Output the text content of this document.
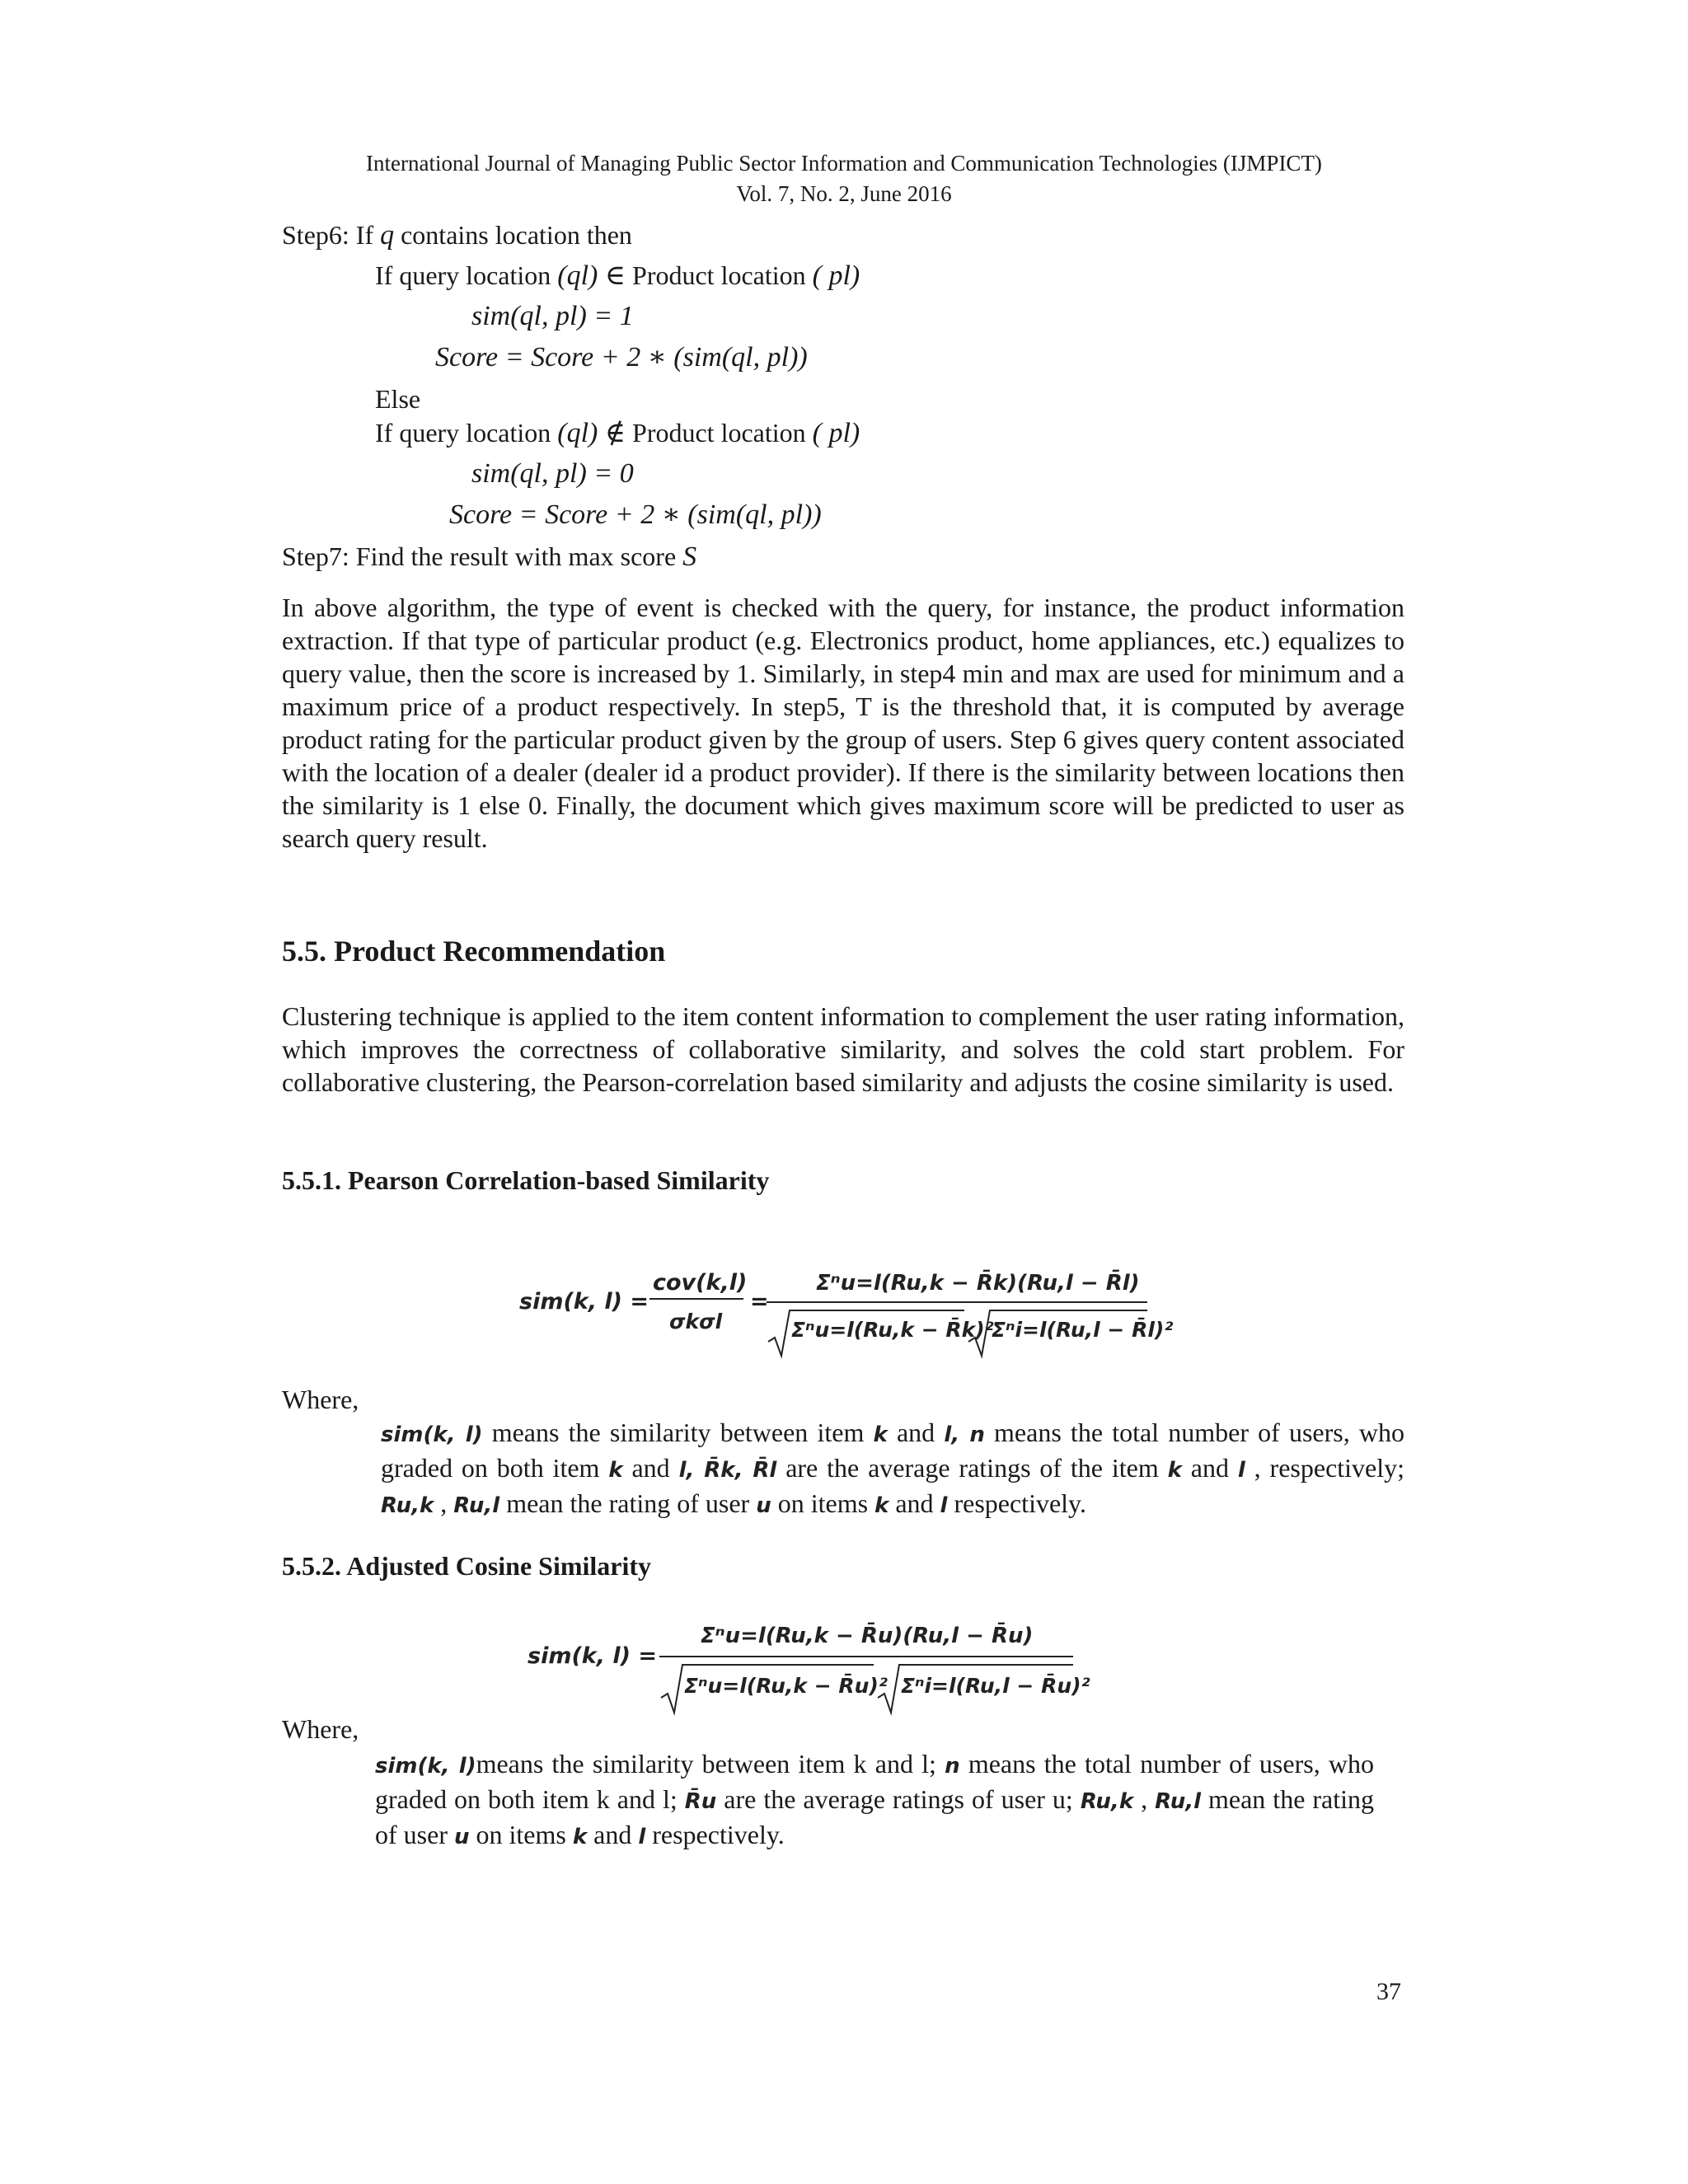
International Journal of Managing Public Sector Information and Communication Technologies (IJMPICT)
Vol. 7, No. 2, June 2016
Step6: If q contains location then
If query location (ql) ∈ Product location ( pl)
sim(ql, pl) = 1
Score = Score + 2 ∗ (sim(ql, pl))
Else
If query location (ql) ∉ Product location ( pl)
sim(ql, pl) = 0
Score = Score + 2 ∗ (sim(ql, pl))
Step7: Find the result with max score S

In above algorithm, the type of event is checked with the query, for instance, the product information extraction. If that type of particular product (e.g. Electronics product, home appliances, etc.) equalizes to query value, then the score is increased by 1. Similarly, in step4 min and max are used for minimum and a maximum price of a product respectively. In step5, T is the threshold that, it is computed by average product rating for the particular product given by the group of users. Step 6 gives query content associated with the location of a dealer (dealer id a product provider). If there is the similarity between locations then the similarity is 1 else 0. Finally, the document which gives maximum score will be predicted to user as search query result.

5.5. Product Recommendation

Clustering technique is applied to the item content information to complement the user rating information, which improves the correctness of collaborative similarity, and solves the cold start problem. For collaborative clustering, the Pearson-correlation based similarity and adjusts the cosine similarity is used.

5.5.1. Pearson Correlation-based Similarity
sim(k, l) =
cov(k,l)
σkσl
=
Σⁿu=l(Ru,k − R̄k)(Ru,l − R̄l)
Σⁿu=l(Ru,k − R̄k)²
Σⁿi=l(Ru,l − R̄l)²
Where,

sim(k, l) means the similarity between item k and l, n means the total number of users, who graded on both item k and l, R̄k, R̄l are the average ratings of the item k and l , respectively; Ru,k , Ru,l mean the rating of user u on items k and l respectively.

5.5.2. Adjusted Cosine Similarity
sim(k, l) =
Σⁿu=l(Ru,k − R̄u)(Ru,l − R̄u)
Σⁿu=l(Ru,k − R̄u)² Σⁿi=l(Ru,l − R̄u)²
Where,

sim(k, l)means the similarity between item k and l; n means the total number of users, who graded on both item k and l; R̄u are the average ratings of user u; Ru,k , Ru,l mean the rating of user u on items k and l respectively.

37
